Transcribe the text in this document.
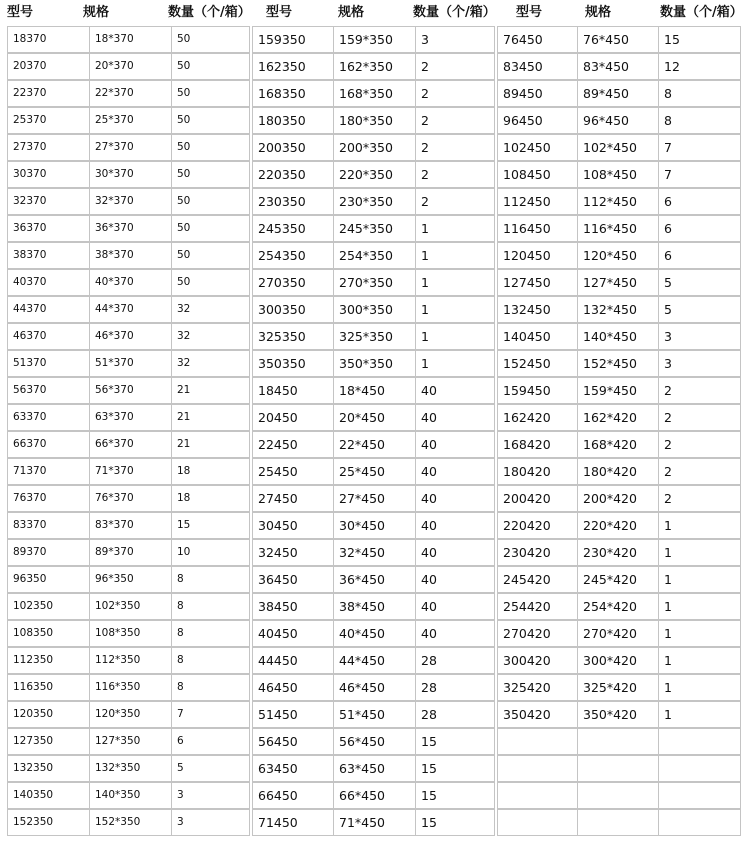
型号	规格	数量（个/箱） 型号	规格	数量（个/箱） 型号	规格	数量（个/箱）
18370	18*370	50
20370	20*370	50
22370	22*370	50
25370	25*370	50
27370	27*370	50
30370	30*370	50
32370	32*370	50
36370	36*370	50
38370	38*370	50
40370	40*370	50
44370	44*370	32
46370	46*370	32
51370	51*370	32
56370	56*370	21
63370	63*370	21
66370	66*370	21
71370	71*370	18
76370	76*370	18
83370	83*370	15
89370	89*370	10
96350	96*350	8
102350	102*350	8
108350	108*350	8
112350	112*350	8
116350	116*350	8
120350	120*350	7
127350	127*350	6
132350	132*350	5
140350	140*350	3
152350	152*350	3
159350	159*350	3
162350	162*350	2
168350	168*350	2
180350	180*350	2
200350	200*350	2
220350	220*350	2
230350	230*350	2
245350	245*350	1
254350	254*350	1
270350	270*350	1
300350	300*350	1
325350	325*350	1
350350	350*350	1
18450	18*450	40
20450	20*450	40
22450	22*450	40
25450	25*450	40
27450	27*450	40
30450	30*450	40
32450	32*450	40
36450	36*450	40
38450	38*450	40
40450	40*450	40
44450	44*450	28
46450	46*450	28
51450	51*450	28
56450	56*450	15
63450	63*450	15
66450	66*450	15
71450	71*450	15
76450	76*450	15
83450	83*450	12
89450	89*450	8
96450	96*450	8
102450	102*450	7
108450	108*450	7
112450	112*450	6
116450	116*450	6
120450	120*450	6
127450	127*450	5
132450	132*450	5
140450	140*450	3
152450	152*450	3
159450	159*450	2
162420	162*420	2
168420	168*420	2
180420	180*420	2
200420	200*420	2
220420	220*420	1
230420	230*420	1
245420	245*420	1
254420	254*420	1
270420	270*420	1
300420	300*420	1
325420	325*420	1
350420	350*420	1
